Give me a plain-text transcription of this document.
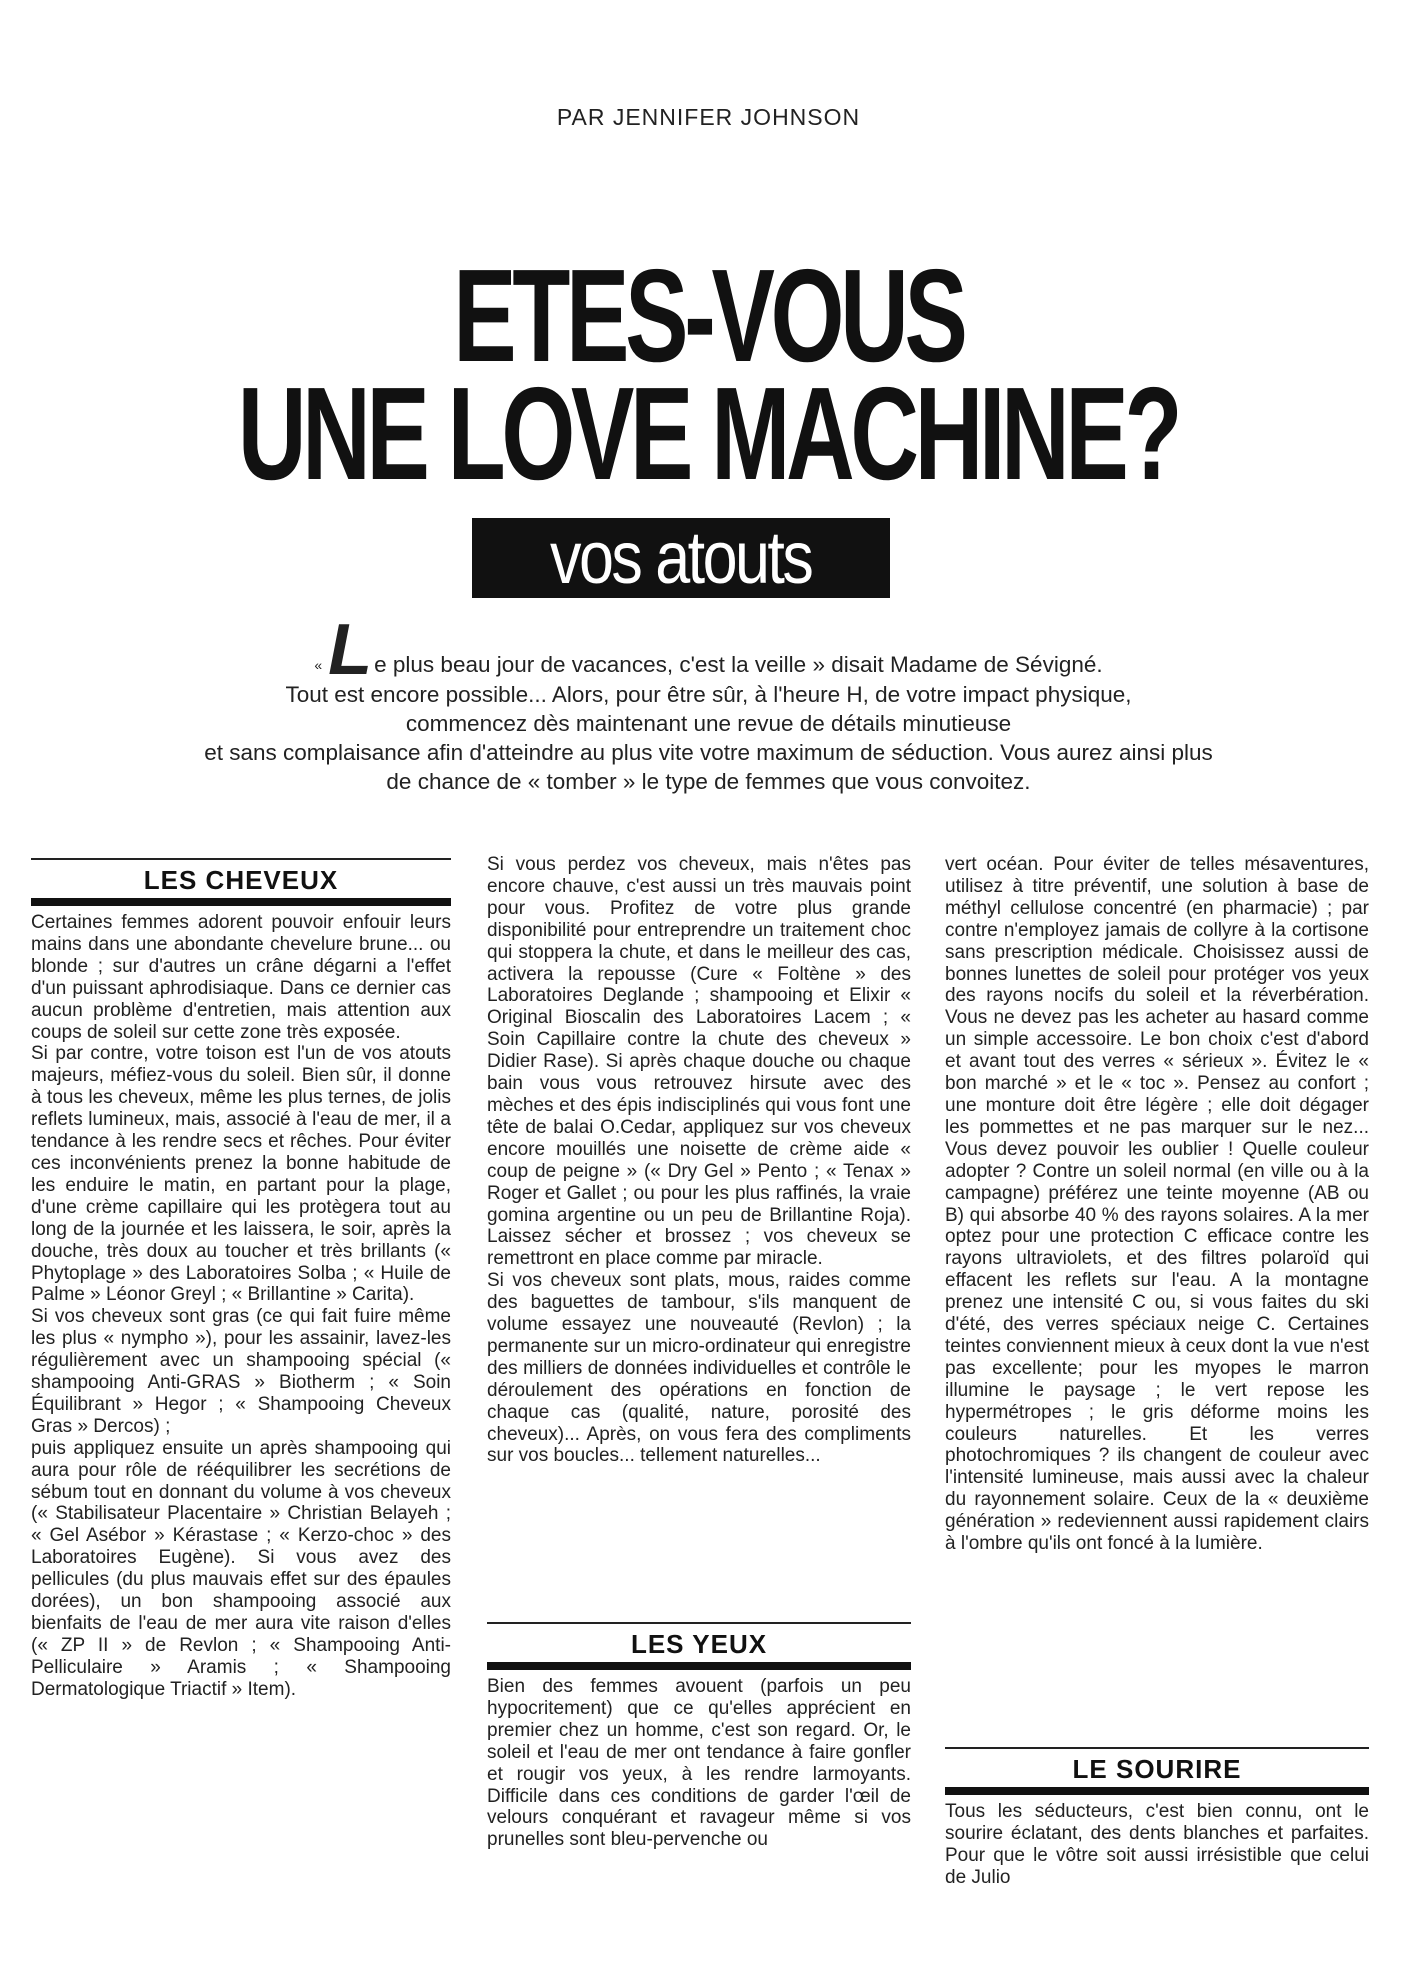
PAR JENNIFER JOHNSON
ETES-VOUS
UNE LOVE MACHINE?
vos atouts
«Le plus beau jour de vacances, c'est la veille » disait Madame de Sévigné.
Tout est encore possible... Alors, pour être sûr, à l'heure H, de votre impact physique,
commencez dès maintenant une revue de détails minutieuse
et sans complaisance afin d'atteindre au plus vite votre maximum de séduction. Vous aurez ainsi plus
de chance de « tomber » le type de femmes que vous convoitez.
LES CHEVEUX

Certaines femmes adorent pouvoir enfouir leurs mains dans une abondante chevelure brune... ou blonde ; sur d'autres un crâne dégarni a l'effet d'un puissant aphrodisiaque. Dans ce dernier cas aucun problème d'entretien, mais attention aux coups de soleil sur cette zone très exposée.

Si par contre, votre toison est l'un de vos atouts majeurs, méfiez-vous du soleil. Bien sûr, il donne à tous les cheveux, même les plus ternes, de jolis reflets lumineux, mais, associé à l'eau de mer, il a tendance à les rendre secs et rêches. Pour éviter ces inconvénients prenez la bonne habitude de les enduire le matin, en partant pour la plage, d'une crème capillaire qui les protègera tout au long de la journée et les laissera, le soir, après la douche, très doux au toucher et très brillants (« Phytoplage » des Laboratoires Solba ; « Huile de Palme » Léonor Greyl ; « Brillantine » Carita).

Si vos cheveux sont gras (ce qui fait fuire même les plus « nympho »), pour les assainir, lavez-les régulièrement avec un shampooing spécial (« shampooing Anti-GRAS » Biotherm ; « Soin Équilibrant » Hegor ; « Shampooing Cheveux Gras » Dercos) ;

puis appliquez ensuite un après shampooing qui aura pour rôle de rééquilibrer les secrétions de sébum tout en donnant du volume à vos cheveux (« Stabilisateur Placentaire » Christian Belayeh ; « Gel Asébor » Kérastase ; « Kerzo-choc » des Laboratoires Eugène). Si vous avez des pellicules (du plus mauvais effet sur des épaules dorées), un bon shampooing associé aux bienfaits de l'eau de mer aura vite raison d'elles (« ZP II » de Revlon ; « Shampooing Anti-Pelliculaire » Aramis ; « Shampooing Dermatologique Triactif » Item).

Si vous perdez vos cheveux, mais n'êtes pas encore chauve, c'est aussi un très mauvais point pour vous. Profitez de votre plus grande disponibilité pour entreprendre un traitement choc qui stoppera la chute, et dans le meilleur des cas, activera la repousse (Cure « Foltène » des Laboratoires Deglande ; shampooing et Elixir « Original Bioscalin des Laboratoires Lacem ; « Soin Capillaire contre la chute des cheveux » Didier Rase). Si après chaque douche ou chaque bain vous vous retrouvez hirsute avec des mèches et des épis indisciplinés qui vous font une tête de balai O.Cedar, appliquez sur vos cheveux encore mouillés une noisette de crème aide « coup de peigne » (« Dry Gel » Pento ; « Tenax » Roger et Gallet ; ou pour les plus raffinés, la vraie gomina argentine ou un peu de Brillantine Roja). Laissez sécher et brossez ; vos cheveux se remettront en place comme par miracle.

Si vos cheveux sont plats, mous, raides comme des baguettes de tambour, s'ils manquent de volume essayez une nouveauté (Revlon) ; la permanente sur un micro-ordinateur qui enregistre des milliers de données individuelles et contrôle le déroulement des opérations en fonction de chaque cas (qualité, nature, porosité des cheveux)... Après, on vous fera des compliments sur vos boucles... tellement naturelles...

LES YEUX

Bien des femmes avouent (parfois un peu hypocritement) que ce qu'elles apprécient en premier chez un homme, c'est son regard. Or, le soleil et l'eau de mer ont tendance à faire gonfler et rougir vos yeux, à les rendre larmoyants. Difficile dans ces conditions de garder l'œil de velours conquérant et ravageur même si vos prunelles sont bleu-pervenche ou

vert océan. Pour éviter de telles mésaventures, utilisez à titre préventif, une solution à base de méthyl cellulose concentré (en pharmacie) ; par contre n'employez jamais de collyre à la cortisone sans prescription médicale. Choisissez aussi de bonnes lunettes de soleil pour protéger vos yeux des rayons nocifs du soleil et la réverbération. Vous ne devez pas les acheter au hasard comme un simple accessoire. Le bon choix c'est d'abord et avant tout des verres « sérieux ». Évitez le « bon marché » et le « toc ». Pensez au confort ; une monture doit être légère ; elle doit dégager les pommettes et ne pas marquer sur le nez... Vous devez pouvoir les oublier ! Quelle couleur adopter ? Contre un soleil normal (en ville ou à la campagne) préférez une teinte moyenne (AB ou B) qui absorbe 40 % des rayons solaires. A la mer optez pour une protection C efficace contre les rayons ultraviolets, et des filtres polaroïd qui effacent les reflets sur l'eau. A la montagne prenez une intensité C ou, si vous faites du ski d'été, des verres spéciaux neige C. Certaines teintes conviennent mieux à ceux dont la vue n'est pas excellente; pour les myopes le marron illumine le paysage ; le vert repose les hypermétropes ; le gris déforme moins les couleurs naturelles. Et les verres photochromiques ? ils changent de couleur avec l'intensité lumineuse, mais aussi avec la chaleur du rayonnement solaire. Ceux de la « deuxième génération » redeviennent aussi rapidement clairs à l'ombre qu'ils ont foncé à la lumière.

LE SOURIRE

Tous les séducteurs, c'est bien connu, ont le sourire éclatant, des dents blanches et parfaites. Pour que le vôtre soit aussi irrésistible que celui de Julio
